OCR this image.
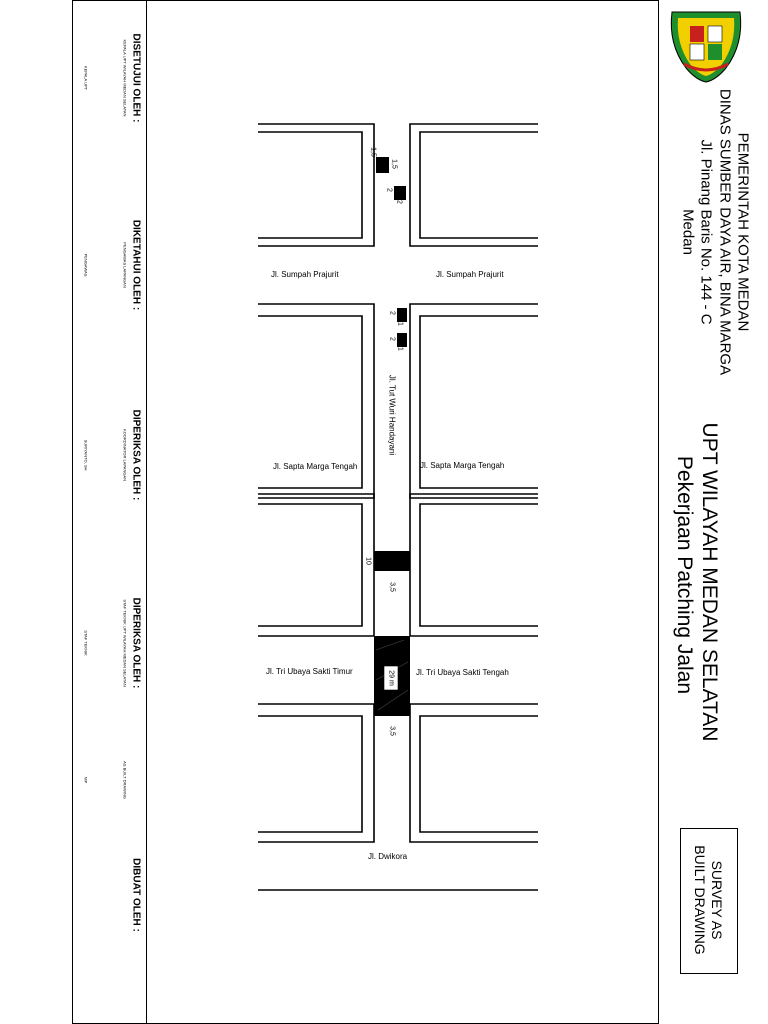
PEMERINTAH KOTA MEDAN
DINAS SUMBER DAYA AIR, BINA MARGA
Jl. Pinang Baris No. 144 - C
Medan
UPT WILAYAH MEDAN SELATAN
Pekerjaan Patching Jalan
SURVEY AS BUILT DRAWING
DISETUJUI OLEH :
KEPALA UPT WILAYAH MEDAN SELATAN
KEPALA UPT
DIKETAHUI OLEH :
PENGAWAS LAPANGAN
PENGAWAS
DIPERIKSA OLEH :
KOORDINATOR LAPANGAN
SURIYANTO, SH
DIPERIKSA OLEH :
STAF TEKNIK UPT WILAYAH MEDAN SELATAN
STAF TEKNIK
DIBUAT OLEH :
AS BUILT DRAWING
NIP
Jl. Sumpah Prajurit	Jl. Sumpah Prajurit
Jl. Sapta Marga Tengah	Jl. Sapta Marga Tengah
Jl. Tri Ubaya Sakti Timur	Jl. Tri Ubaya Sakti Tengah
Jl. Dwikora
Jl. Tut Wuri Handayani
1,5
1,5
2
2
2
1
2
1
10
3,5
29 m
3,5
